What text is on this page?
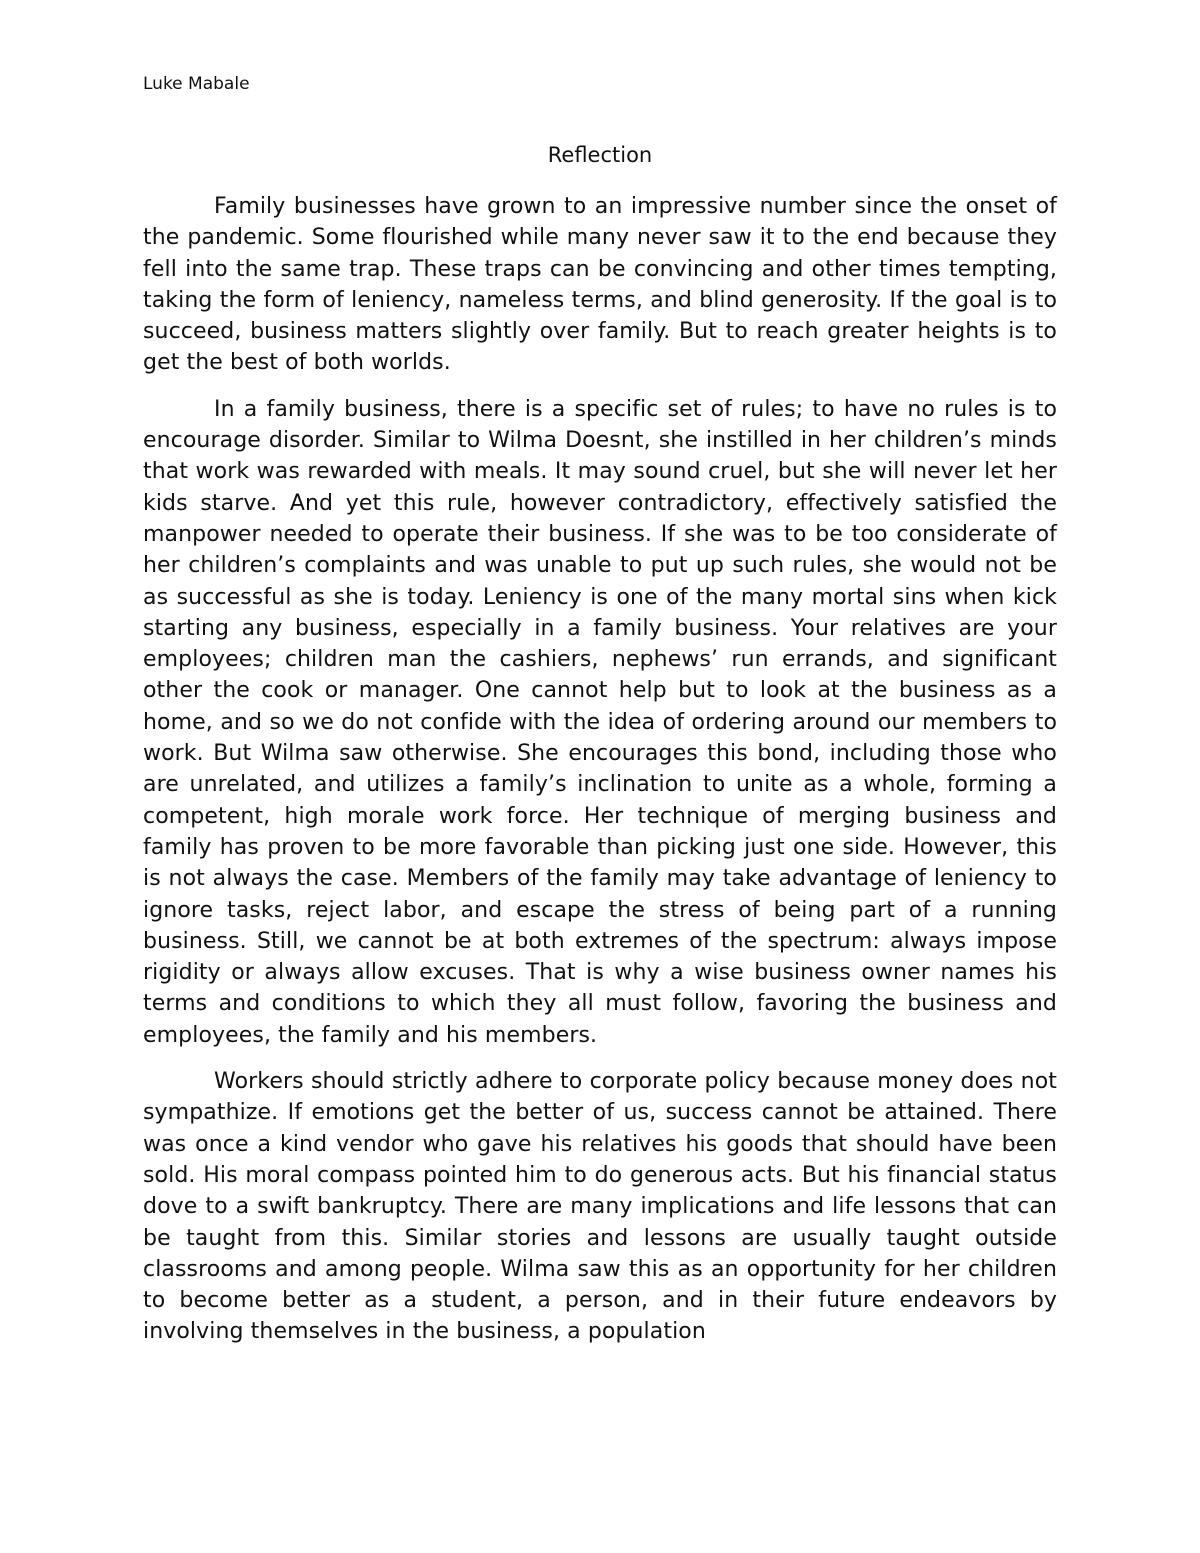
Luke Mabale
Reflection

Family businesses have grown to an impressive number since the onset of the pandemic. Some flourished while many never saw it to the end because they fell into the same trap. These traps can be convincing and other times tempting, taking the form of leniency, nameless terms, and blind generosity. If the goal is to succeed, business matters slightly over family. But to reach greater heights is to get the best of both worlds.

In a family business, there is a specific set of rules; to have no rules is to encourage disorder. Similar to Wilma Doesnt, she instilled in her children’s minds that work was rewarded with meals. It may sound cruel, but she will never let her kids starve. And yet this rule, however contradictory, effectively satisfied the manpower needed to operate their business. If she was to be too considerate of her children’s complaints and was unable to put up such rules, she would not be as successful as she is today. Leniency is one of the many mortal sins when kick starting any business, especially in a family business. Your relatives are your employees; children man the cashiers, nephews’ run errands, and significant other the cook or manager. One cannot help but to look at the business as a home, and so we do not confide with the idea of ordering around our members to work. But Wilma saw otherwise. She encourages this bond, including those who are unrelated, and utilizes a family’s inclination to unite as a whole, forming a competent, high morale work force. Her technique of merging business and family has proven to be more favorable than picking just one side. However, this is not always the case. Members of the family may take advantage of leniency to ignore tasks, reject labor, and escape the stress of being part of a running business. Still, we cannot be at both extremes of the spectrum: always impose rigidity or always allow excuses. That is why a wise business owner names his terms and conditions to which they all must follow, favoring the business and employees, the family and his members.

Workers should strictly adhere to corporate policy because money does not sympathize. If emotions get the better of us, success cannot be attained. There was once a kind vendor who gave his relatives his goods that should have been sold. His moral compass pointed him to do generous acts. But his financial status dove to a swift bankruptcy. There are many implications and life lessons that can be taught from this. Similar stories and lessons are usually taught outside classrooms and among people. Wilma saw this as an opportunity for her children to become better as a student, a person, and in their future endeavors by involving themselves in the business, a population
